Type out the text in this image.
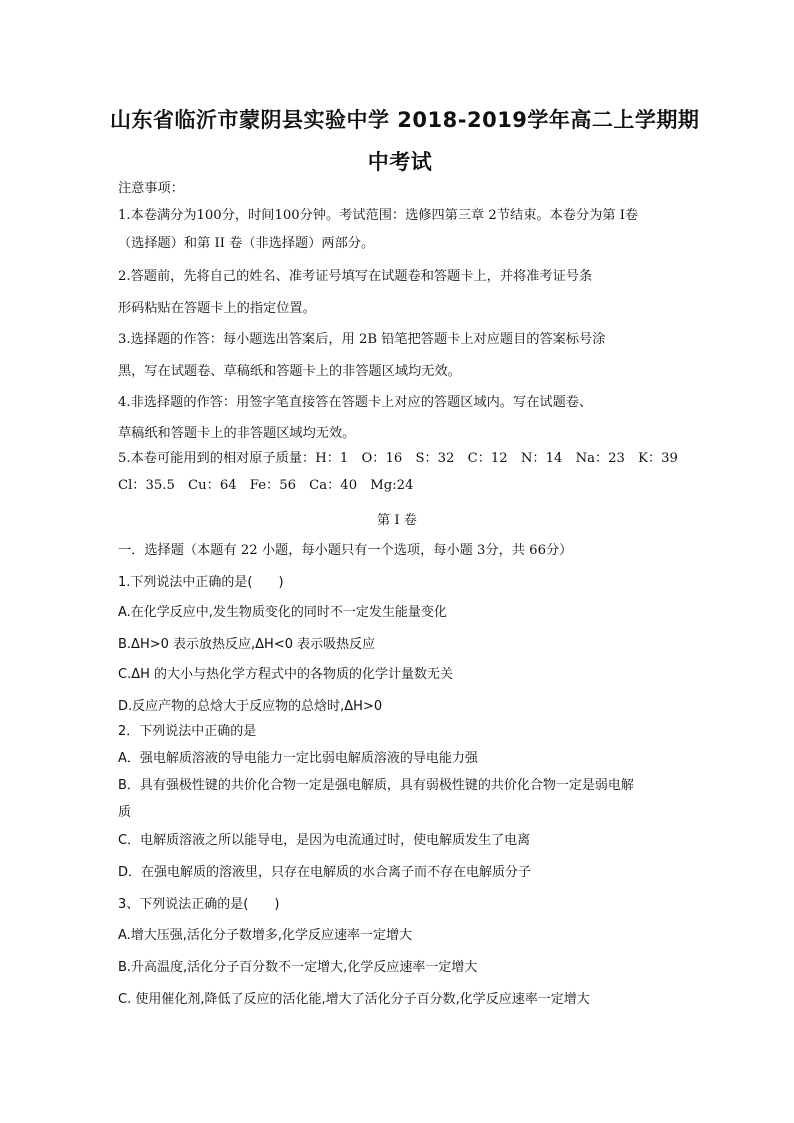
山东省临沂市蒙阴县实验中学 2018-2019学年高二上学期期
中考试
注意事项：
1.本卷满分为100分，时间100分钟。考试范围：选修四第三章 2节结束。本卷分为第 I卷
（选择题）和第 II 卷（非选择题）两部分。
2.答题前，先将自己的姓名、准考证号填写在试题卷和答题卡上，并将准考证号条
形码粘贴在答题卡上的指定位置。
3.选择题的作答：每小题选出答案后，用 2B 铅笔把答题卡上对应题目的答案标号涂
黑，写在试题卷、草稿纸和答题卡上的非答题区域均无效。
4.非选择题的作答：用签字笔直接答在答题卡上对应的答题区域内。写在试题卷、
草稿纸和答题卡上的非答题区域均无效。
5.本卷可能用到的相对原子质量：H：1　O：16　S：32　C：12　N：14　Na：23　K：39
Cl：35.5　Cu：64　Fe：56　Ca：40　Mg:24
第 I 卷
一．选择题（本题有 22 小题，每小题只有一个选项，每小题 3分，共 66分）
1.下列说法中正确的是(　　)
A.在化学反应中,发生物质变化的同时不一定发生能量变化
B.ΔH>0 表示放热反应,ΔH<0 表示吸热反应
C.ΔH 的大小与热化学方程式中的各物质的化学计量数无关
D.反应产物的总焓大于反应物的总焓时,ΔH>0
2．下列说法中正确的是
A．强电解质溶液的导电能力一定比弱电解质溶液的导电能力强
B．具有强极性键的共价化合物一定是强电解质，具有弱极性键的共价化合物一定是弱电解
质
C．电解质溶液之所以能导电，是因为电流通过时，使电解质发生了电离
D．在强电解质的溶液里，只存在电解质的水合离子而不存在电解质分子
3、下列说法正确的是(　　)
A.增大压强,活化分子数增多,化学反应速率一定增大
B.升高温度,活化分子百分数不一定增大,化学反应速率一定增大
C. 使用催化剂,降低了反应的活化能,增大了活化分子百分数,化学反应速率一定增大
